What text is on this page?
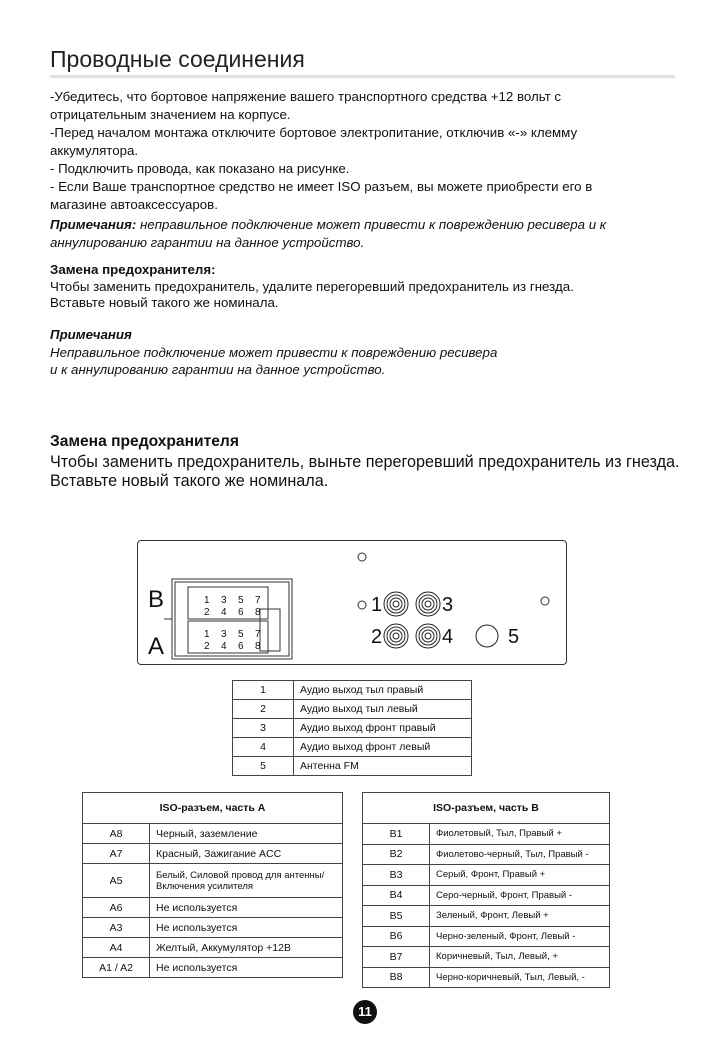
Проводные соединения

-Убедитесь, что бортовое напряжение вашего транспортного средства +12 вольт с

отрицательным значением на корпусе.

-Перед началом монтажа отключите бортовое электропитание, отключив «-» клемму

аккумулятора.

- Подключить провода, как показано на рисунке.

- Если Ваше транспортное средство не имеет ISO разъем, вы можете приобрести его в

магазине автоаксессуаров.

Примечания: неправильное подключение может привести к повреждению ресивера и к

аннулированию гарантии на данное устройство.

Замена предохранителя:

Чтобы заменить предохранитель, удалите перегоревший предохранитель из гнезда.

Вставьте новый такого же номинала.

Примечания

Неправильное подключение может привести к повреждению ресивера

и к аннулированию гарантии на данное устройство.

Замена предохранителя

Чтобы заменить предохранитель, выньте перегоревший предохранитель из гнезда.

Вставьте новый такого же номинала.

B
A
1 3 5 7
2 4 6 8
1 3 5 7
2 4 6 8
1	3
2	4	5
1	Аудио выход тыл правый
2	Аудио выход тыл левый
3	Аудио выход фронт правый
4	Аудио выход фронт левый
5	Антенна FM
ISO-разъем, часть A	
A8	Черный, заземление
A7	Красный, Зажигание ACC
A5	Белый, Силовой провод для антенны/Включения усилителя
A6	Не используется
A3	Не используется
A4	Желтый, Аккумулятор +12В
A1 / A2	Не используется
ISO-разъем, часть B	
B1	Фиолетовый, Тыл, Правый +
B2	Фиолетово-черный, Тыл, Правый -
B3	Серый, Фронт, Правый +
B4	Серо-черный, Фронт, Правый -
B5	Зеленый, Фронт, Левый +
B6	Черно-зеленый, Фронт, Левый -
B7	Коричневый, Тыл, Левый, +
B8	Черно-коричневый, Тыл, Левый, -
11
